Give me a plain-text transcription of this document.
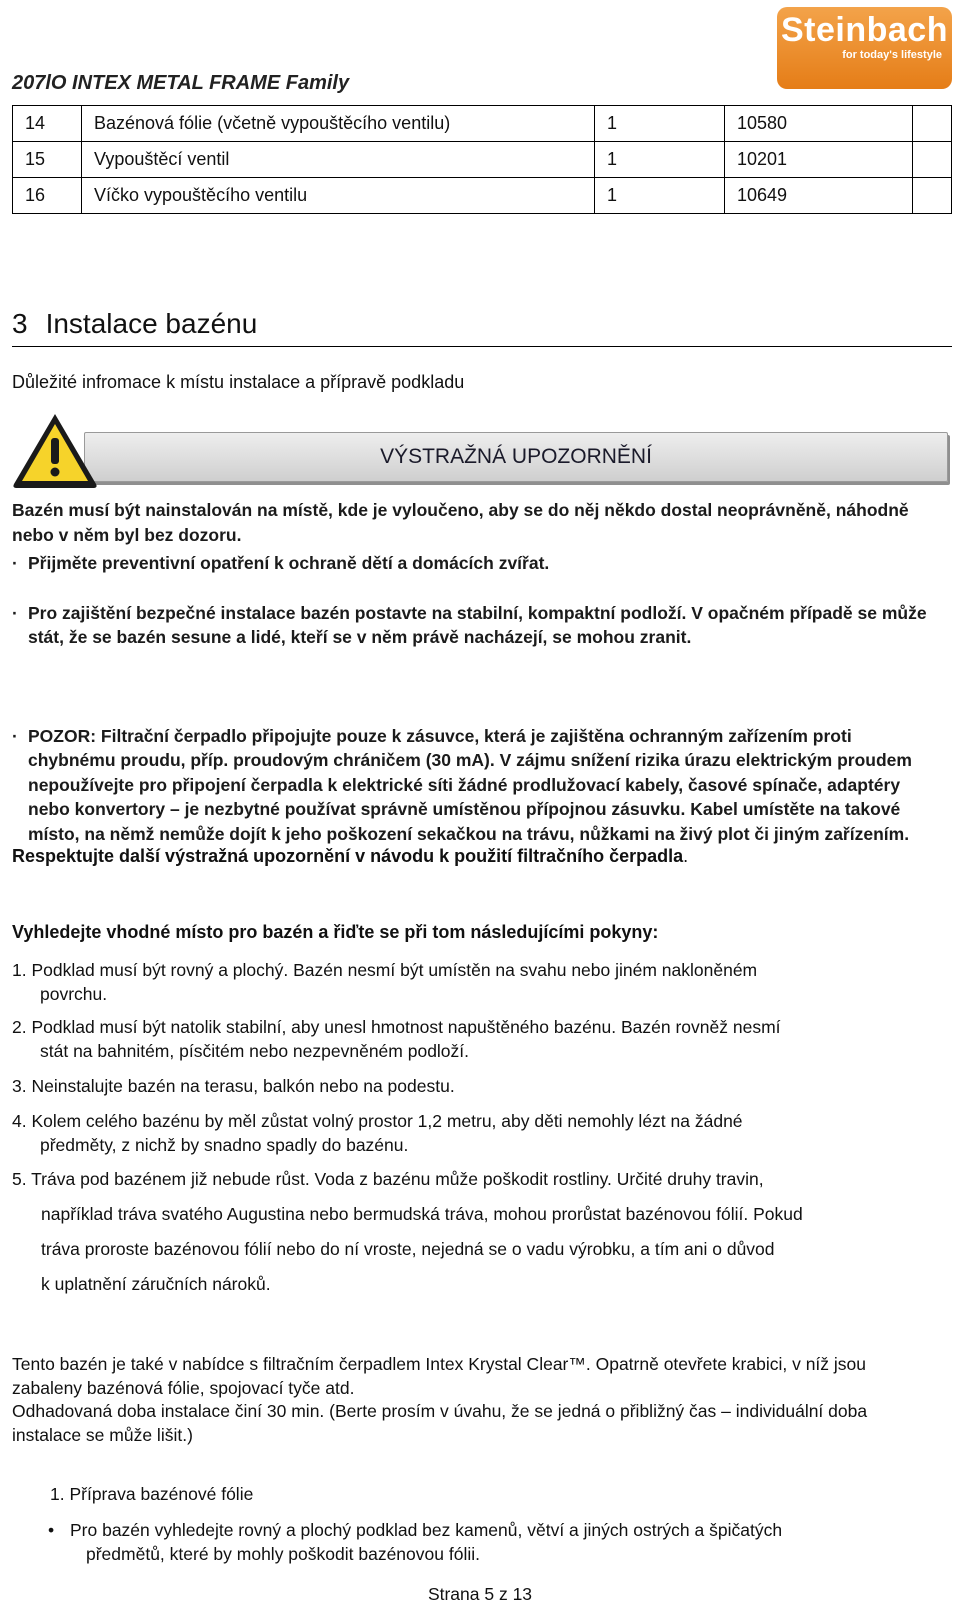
207lO INTEX METAL FRAME Family
Steinbach
for today's lifestyle
14	Bazénová fólie (včetně vypouštěcího ventilu)	1	10580	
15	Vypouštěcí ventil	1	10201	
16	Víčko vypouštěcího ventilu	1	10649	
3 Instalace bazénu
Důležité infromace k místu instalace a přípravě podkladu
VÝSTRAŽNÁ UPOZORNĚNÍ
Bazén musí být nainstalován na místě, kde je vyloučeno, aby se do něj někdo dostal neoprávněně, náhodně nebo v něm byl bez dozoru.
· Přijměte preventivní opatření k ochraně dětí a domácích zvířat.
· Pro zajištění bezpečné instalace bazén postavte na stabilní, kompaktní podloží. V opačném případě se může stát, že se bazén sesune a lidé, kteří se v něm právě nacházejí, se mohou zranit.
· POZOR: Filtrační čerpadlo připojujte pouze k zásuvce, která je zajištěna ochranným zařízením proti chybnému proudu, příp. proudovým chráničem (30 mA). V zájmu snížení rizika úrazu elektrickým proudem nepoužívejte pro připojení čerpadla k elektrické síti žádné prodlužovací kabely, časové spínače, adaptéry nebo konvertory – je nezbytné používat správně umístěnou přípojnou zásuvku. Kabel umístěte na takové místo, na němž nemůže dojít k jeho poškození sekačkou na trávu, nůžkami na živý plot či jiným zařízením.
Respektujte další výstražná upozornění v návodu k použití filtračního čerpadla.
Vyhledejte vhodné místo pro bazén a řiďte se při tom následujícími pokyny:
1. Podklad musí být rovný a plochý. Bazén nesmí být umístěn na svahu nebo jiném nakloněném
povrchu.
2. Podklad musí být natolik stabilní, aby unesl hmotnost napuštěného bazénu. Bazén rovněž nesmí
stát na bahnitém, písčitém nebo nezpevněném podloží.
3. Neinstalujte bazén na terasu, balkón nebo na podestu.
4. Kolem celého bazénu by měl zůstat volný prostor 1,2 metru, aby děti nemohly lézt na žádné
předměty, z nichž by snadno spadly do bazénu.
5. Tráva pod bazénem již nebude růst. Voda z bazénu může poškodit rostliny. Určité druhy travin,
například tráva svatého Augustina nebo bermudská tráva, mohou prorůstat bazénovou fólií. Pokud
tráva proroste bazénovou fólií nebo do ní vroste, nejedná se o vadu výrobku, a tím ani o důvod
k uplatnění záručních nároků.
Tento bazén je také v nabídce s filtračním čerpadlem Intex Krystal Clear™. Opatrně otevřete krabici, v níž jsou zabaleny bazénová fólie, spojovací tyče atd.
Odhadovaná doba instalace činí 30 min. (Berte prosím v úvahu, že se jedná o přibližný čas – individuální doba instalace se může lišit.)
1. Příprava bazénové fólie
• Pro bazén vyhledejte rovný a plochý podklad bez kamenů, větví a jiných ostrých a špičatých
předmětů, které by mohly poškodit bazénovou fólii.
Strana 5 z 13
